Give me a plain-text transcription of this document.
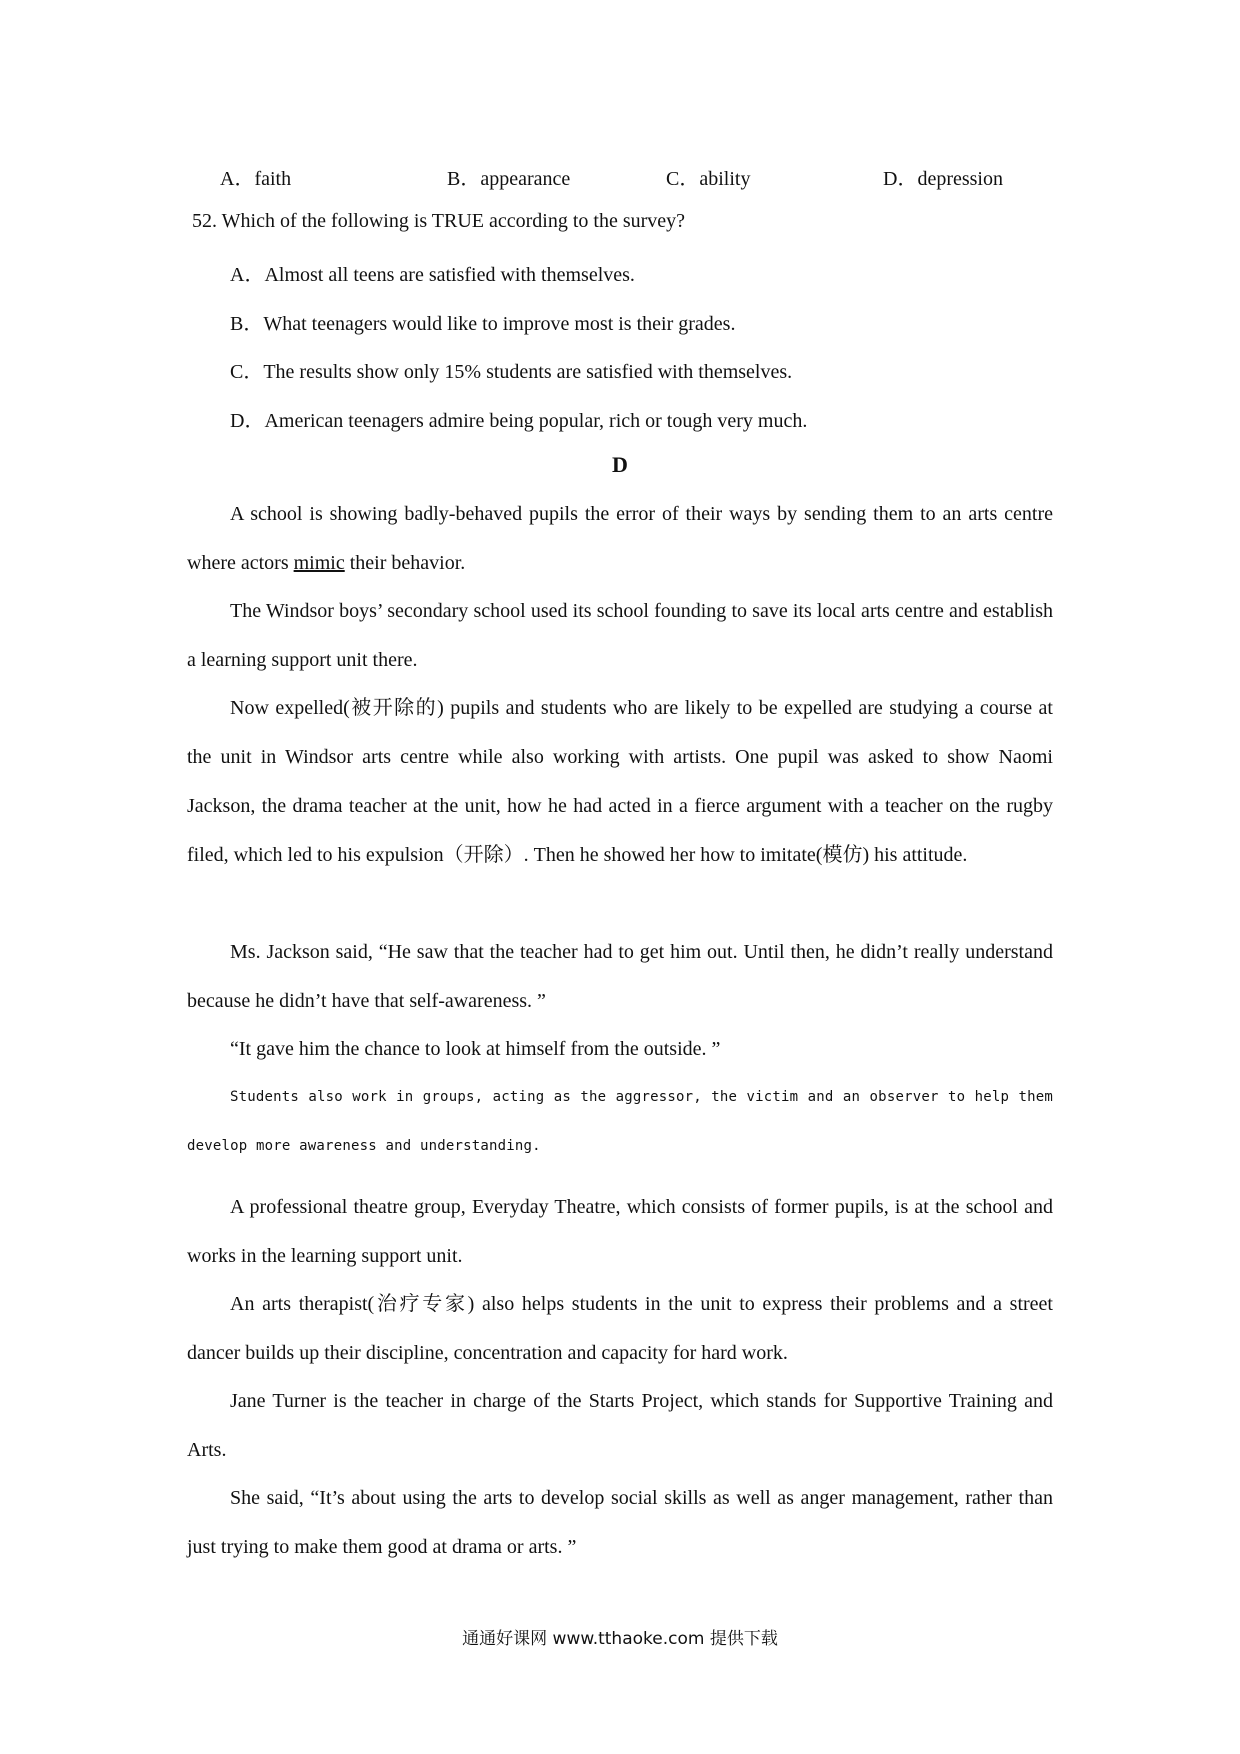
A．faith	B．appearance	C．ability	D．depression
52. Which of the following is TRUE according to the survey?
A．Almost all teens are satisfied with themselves.
B．What teenagers would like to improve most is their grades.
C．The results show only 15% students are satisfied with themselves.
D．American teenagers admire being popular, rich or tough very much.
D

A school is showing badly-behaved pupils the error of their ways by sending them to an arts centre where actors mimic their behavior.

The Windsor boys’ secondary school used its school founding to save its local arts centre and establish a learning support unit there.

Now expelled(被开除的) pupils and students who are likely to be expelled are studying a course at the unit in Windsor arts centre while also working with artists. One pupil was asked to show Naomi Jackson, the drama teacher at the unit, how he had acted in a fierce argument with a teacher on the rugby filed, which led to his expulsion（开除）. Then he showed her how to imitate(模仿) his attitude.

Ms. Jackson said, “He saw that the teacher had to get him out. Until then, he didn’t really understand because he didn’t have that self-awareness. ”

“It gave him the chance to look at himself from the outside. ”

Students also work in groups, acting as the aggressor, the victim and an observer to help them develop more awareness and understanding.

A professional theatre group, Everyday Theatre, which consists of former pupils, is at the school and works in the learning support unit.

An arts therapist(治疗专家) also helps students in the unit to express their problems and a street dancer builds up their discipline, concentration and capacity for hard work.

Jane Turner is the teacher in charge of the Starts Project, which stands for Supportive Training and Arts.

She said, “It’s about using the arts to develop social skills as well as anger management, rather than just trying to make them good at drama or arts. ”

通通好课网 www.tthaoke.com 提供下载
